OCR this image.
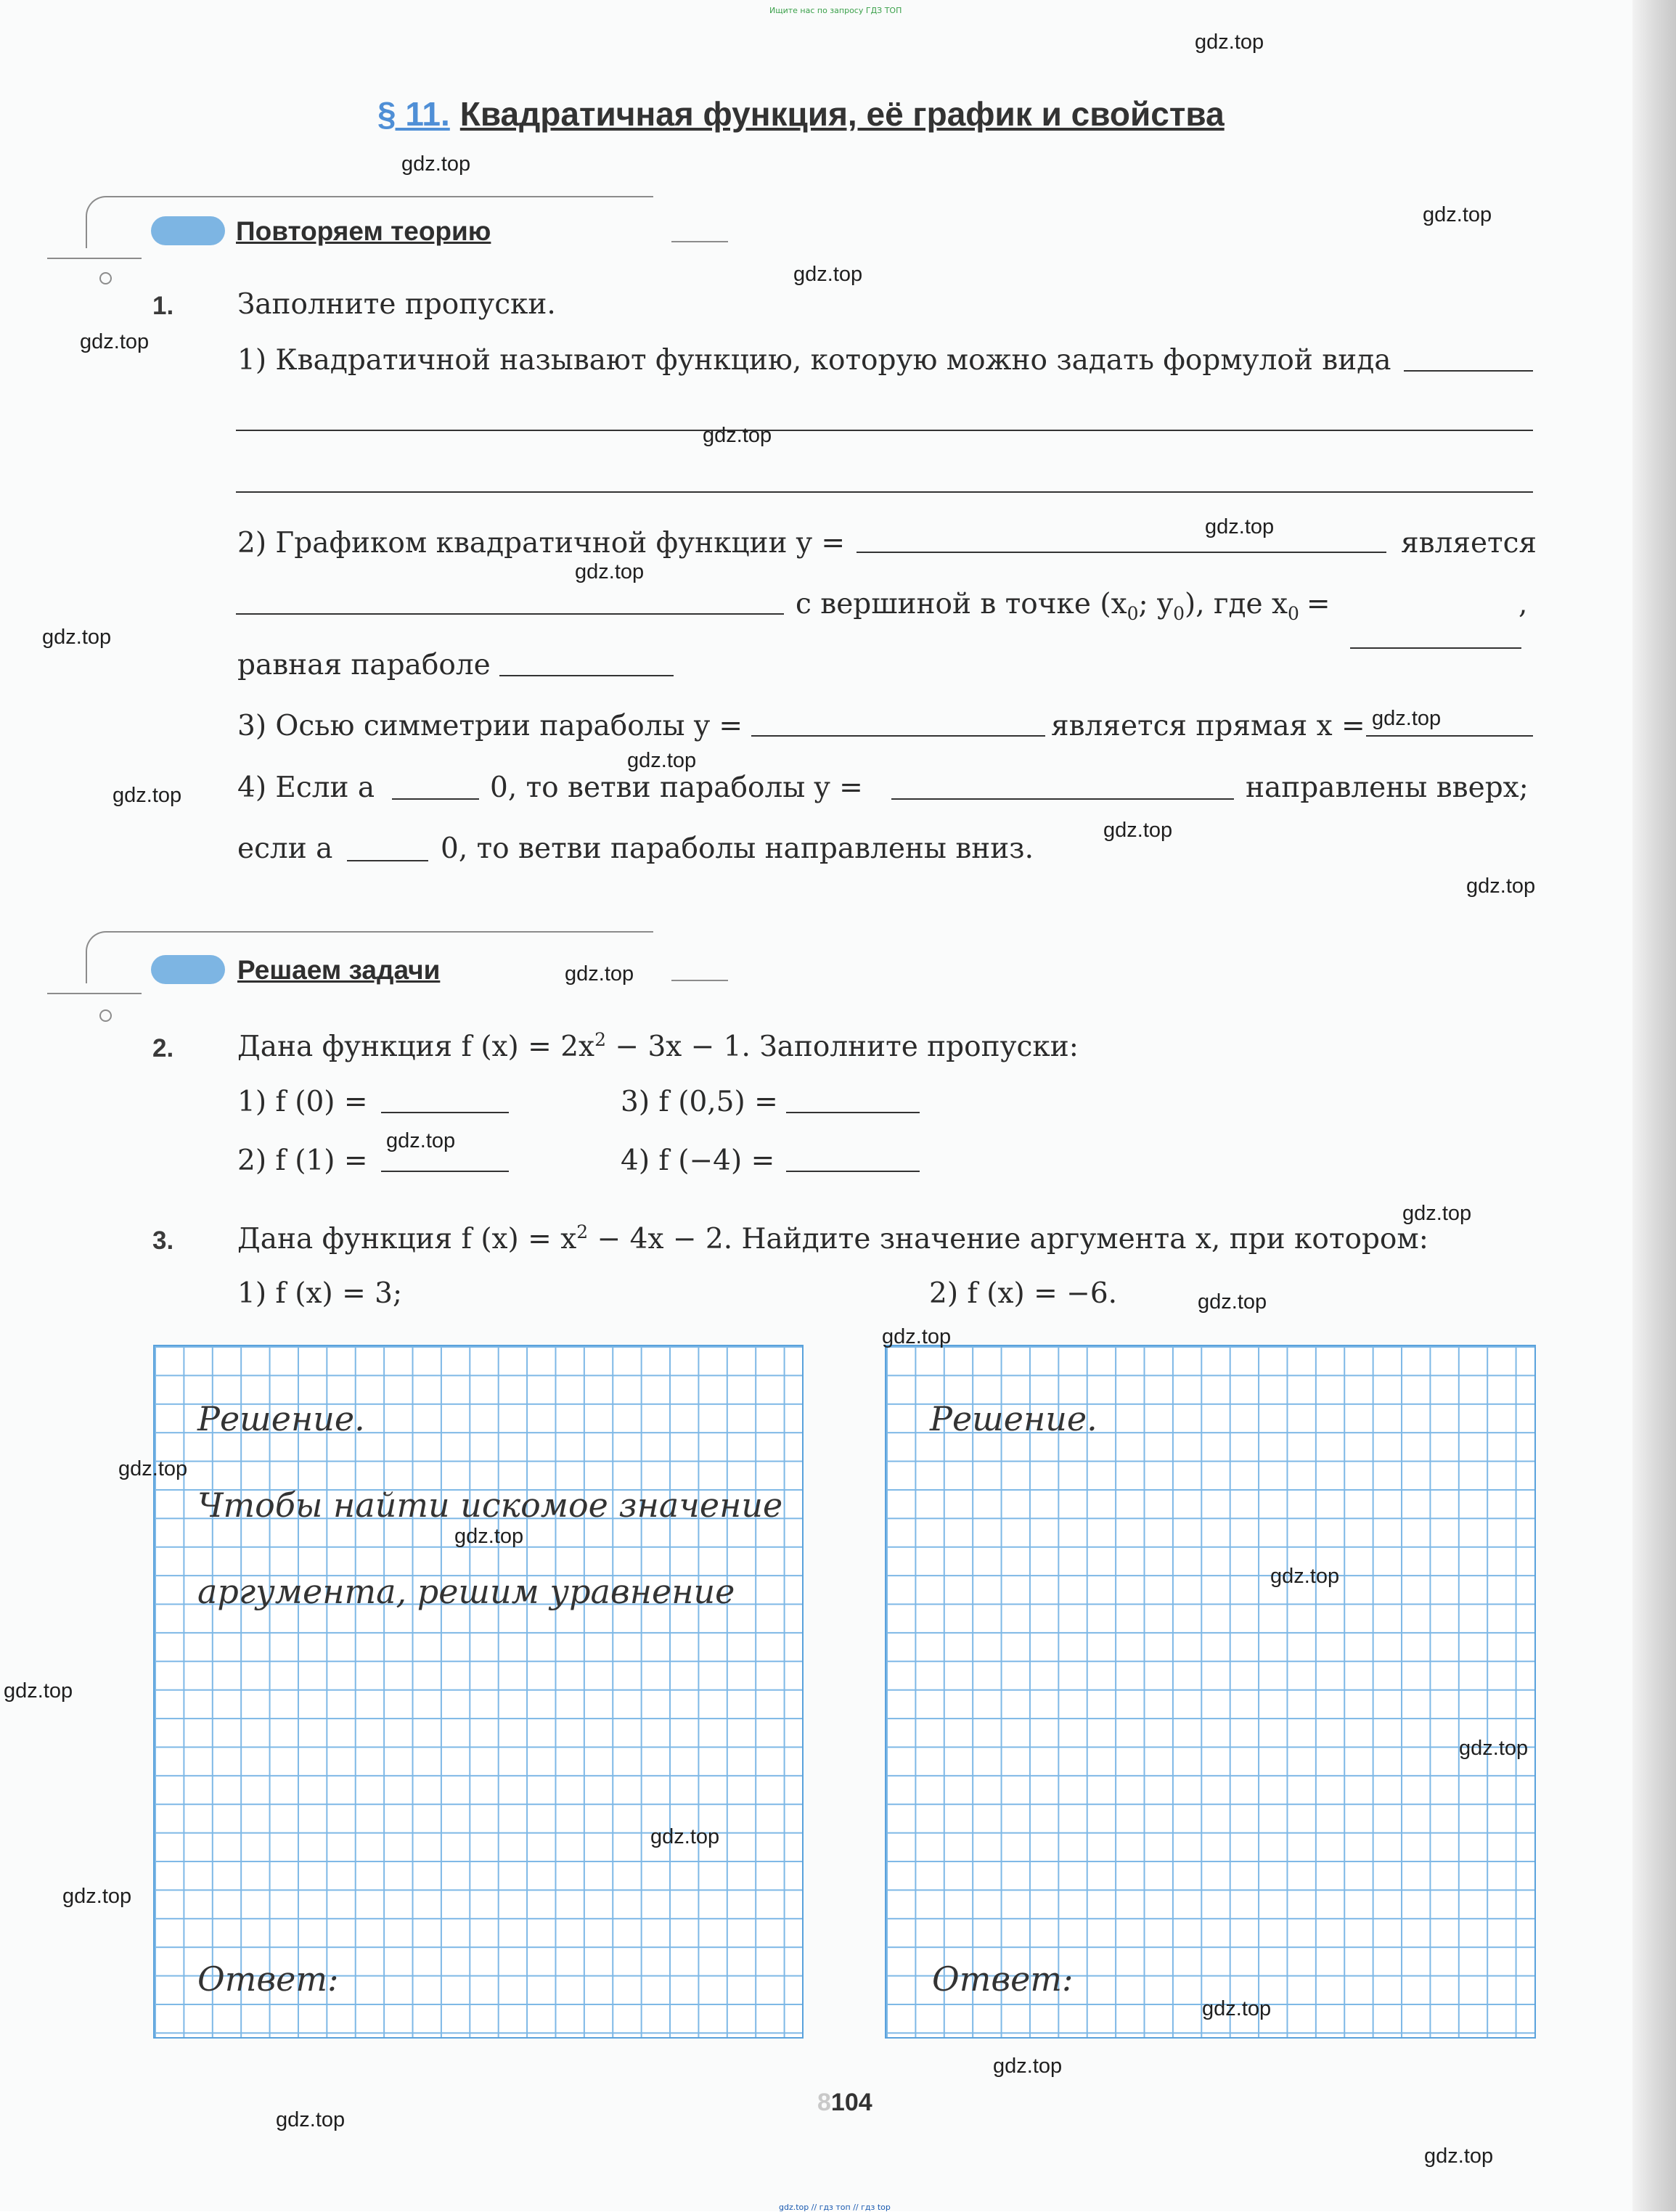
Ищите нас по запросу ГДЗ ТОП
§ 11. Квадратичная функция, её график и свойства
Повторяем теорию
1. Заполните пропуски.
1) Квадратичной называют функцию, которую можно задать формулой вида
2) Графиком квадратичной функции y =	является
с вершиной в точке ($x_0$; $y_0$), где $x_0$ =	,
равная параболе
3) Осью симметрии параболы y =	является прямая x =
4) Если a	0, то ветви параболы y =	направлены вверх;
если a	0, то ветви параболы направлены вниз.
Решаем задачи
2. Дана функция f $(x) = 2x^2 - 3x - 1$. Заполните пропуски:
1) f (0) =	3) f (0,5) =
2) f (1) =	4) f (−4) =
3. Дана функция f $(x) = x^2 - 4x - 2$. Найдите значение аргумента x, при котором:
1) f (x) = 3;	2) f (x) = −6.
Решение.
Чтобы найти искомое значение
аргумента, решим уравнение
Ответ:
Решение.
Ответ:
8104
gdz.top // гдз топ // гдз top
gdz.top
gdz.top
gdz.top
gdz.top
gdz.top
gdz.top
gdz.top
gdz.top
gdz.top
gdz.top
gdz.top
gdz.top
gdz.top
gdz.top
gdz.top
gdz.top
gdz.top
gdz.top
gdz.top
gdz.top
gdz.top
gdz.top
gdz.top
gdz.top
gdz.top
gdz.top
gdz.top
gdz.top
gdz.top
gdz.top
